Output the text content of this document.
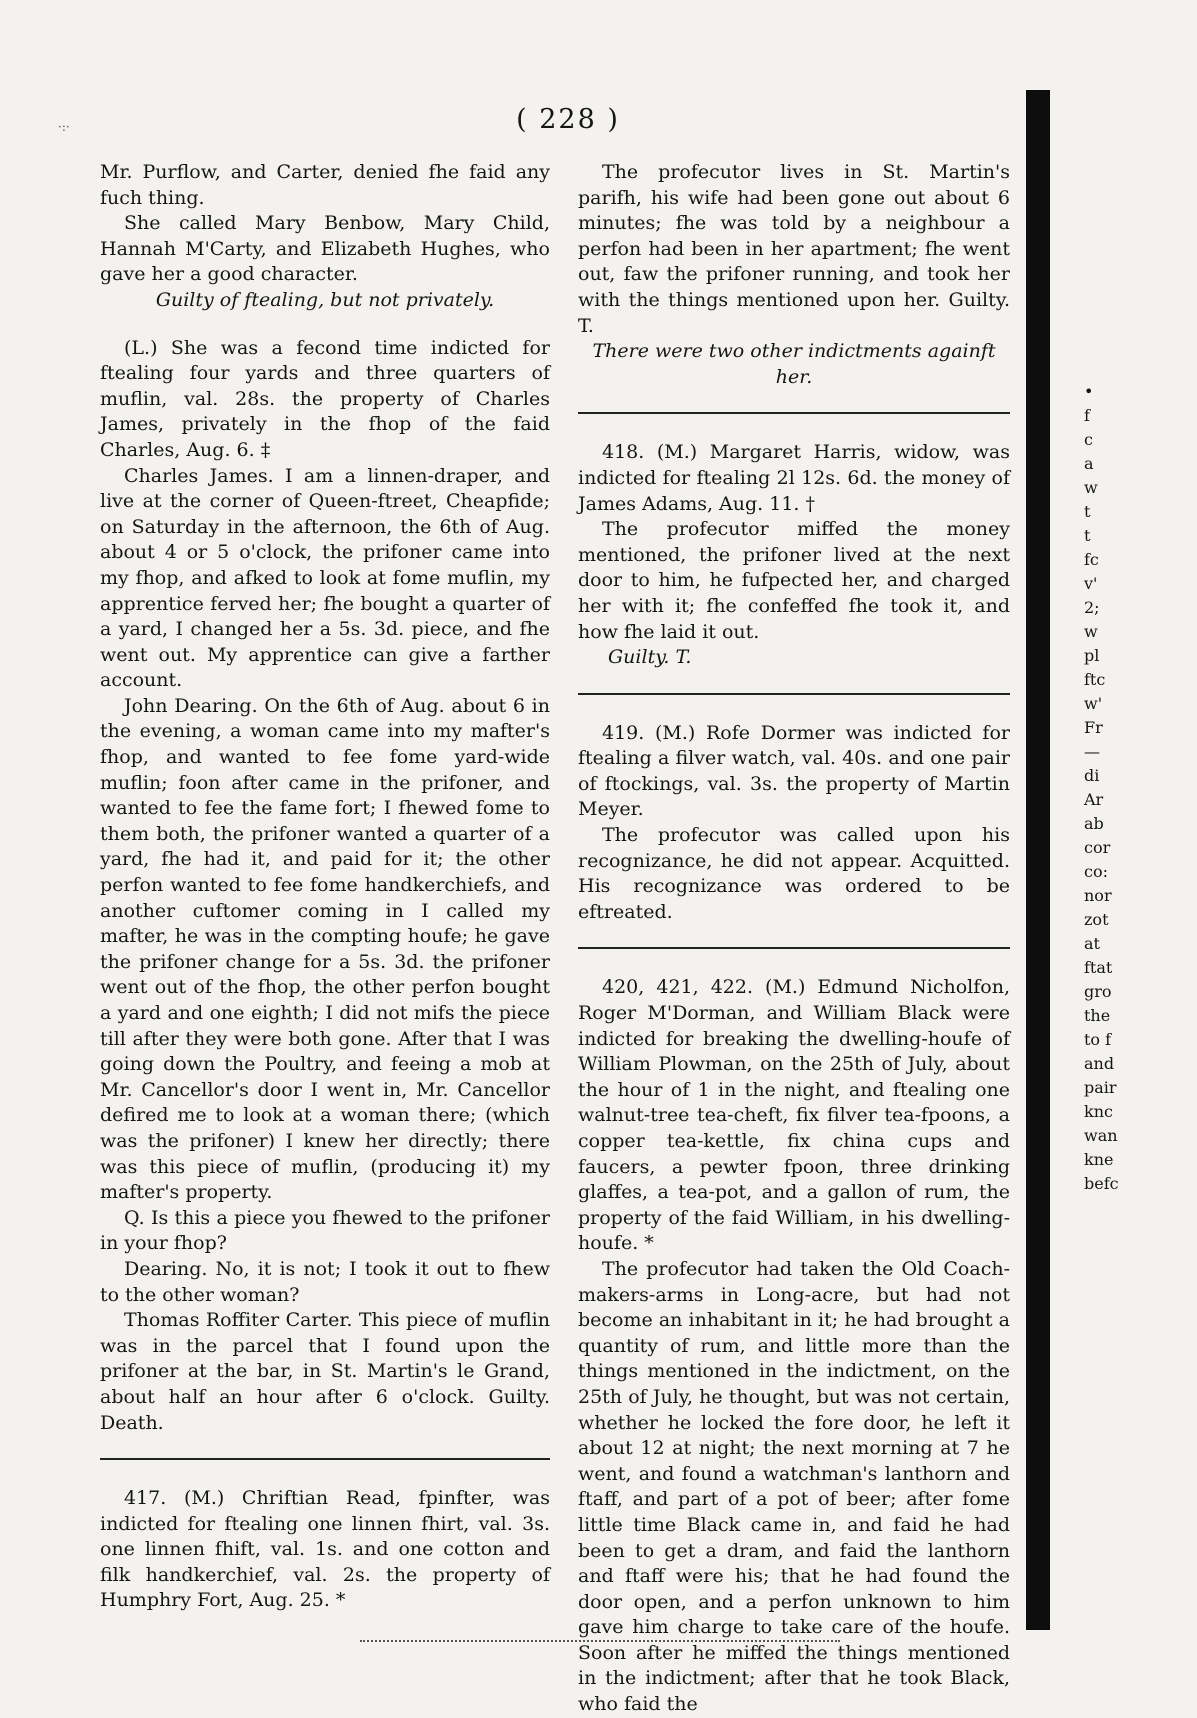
·:·	( 228 )

Mr. Purflow, and Carter, denied fhe faid any fuch thing.

She called Mary Benbow, Mary Child, Hannah M'Carty, and Elizabeth Hughes, who gave her a good character.

Guilty of ftealing, but not privately.

(L.) She was a fecond time indicted for ftealing four yards and three quarters of muflin, val. 28s. the property of Charles James, privately in the fhop of the faid Charles, Aug. 6. ‡

Charles James. I am a linnen-draper, and live at the corner of Queen-ftreet, Cheapfide; on Saturday in the afternoon, the 6th of Aug. about 4 or 5 o'clock, the prifoner came into my fhop, and afked to look at fome muflin, my apprentice ferved her; fhe bought a quarter of a yard, I changed her a 5s. 3d. piece, and fhe went out. My apprentice can give a farther account.

John Dearing. On the 6th of Aug. about 6 in the evening, a woman came into my mafter's fhop, and wanted to fee fome yard-wide muflin; foon after came in the prifoner, and wanted to fee the fame fort; I fhewed fome to them both, the prifoner wanted a quarter of a yard, fhe had it, and paid for it; the other perfon wanted to fee fome handkerchiefs, and another cuftomer coming in I called my mafter, he was in the compting houfe; he gave the prifoner change for a 5s. 3d. the prifoner went out of the fhop, the other perfon bought a yard and one eighth; I did not mifs the piece till after they were both gone. After that I was going down the Poultry, and feeing a mob at Mr. Cancellor's door I went in, Mr. Cancellor defired me to look at a woman there; (which was the prifoner) I knew her directly; there was this piece of muflin, (producing it) my mafter's property.

Q. Is this a piece you fhewed to the prifoner in your fhop?

Dearing. No, it is not; I took it out to fhew to the other woman?

Thomas Roffiter Carter. This piece of muflin was in the parcel that I found upon the prifoner at the bar, in St. Martin's le Grand, about half an hour after 6 o'clock. Guilty. Death.

417. (M.) Chriftian Read, fpinfter, was indicted for ftealing one linnen fhirt, val. 3s. one linnen fhift, val. 1s. and one cotton and filk handkerchief, val. 2s. the property of Humphry Fort, Aug. 25. *

The profecutor lives in St. Martin's parifh, his wife had been gone out about 6 minutes; fhe was told by a neighbour a perfon had been in her apartment; fhe went out, faw the prifoner running, and took her with the things mentioned upon her. Guilty. T.

There were two other indictments againft her.

418. (M.) Margaret Harris, widow, was indicted for ftealing 2l 12s. 6d. the money of James Adams, Aug. 11. †

The profecutor miffed the money mentioned, the prifoner lived at the next door to him, he fufpected her, and charged her with it; fhe confeffed fhe took it, and how fhe laid it out.

Guilty. T.

419. (M.) Rofe Dormer was indicted for ftealing a filver watch, val. 40s. and one pair of ftockings, val. 3s. the property of Martin Meyer.

The profecutor was called upon his recognizance, he did not appear. Acquitted. His recognizance was ordered to be eftreated.

420, 421, 422. (M.) Edmund Nicholfon, Roger M'Dorman, and William Black were indicted for breaking the dwelling-houfe of William Plowman, on the 25th of July, about the hour of 1 in the night, and ftealing one walnut-tree tea-cheft, fix filver tea-fpoons, a copper tea-kettle, fix china cups and faucers, a pewter fpoon, three drinking glaffes, a tea-pot, and a gallon of rum, the property of the faid William, in his dwelling-houfe. *

The profecutor had taken the Old Coach-makers-arms in Long-acre, but had not become an inhabitant in it; he had brought a quantity of rum, and little more than the things mentioned in the indictment, on the 25th of July, he thought, but was not certain, whether he locked the fore door, he left it about 12 at night; the next morning at 7 he went, and found a watchman's lanthorn and ftaff, and part of a pot of beer; after fome little time Black came in, and faid he had been to get a dram, and faid the lanthorn and ftaff were his; that he had found the door open, and a perfon unknown to him gave him charge to take care of the houfe. Soon after he miffed the things mentioned in the indictment; after that he took Black, who faid the

•
f
c
a
w
t
t
fc
v'
2;
w
pl
ftc
w'
Fr
—
di
Ar
ab
cor
co:
nor
zot
at
ftat
gro
the
to f
and
pair
knc
wan
kne
befc
